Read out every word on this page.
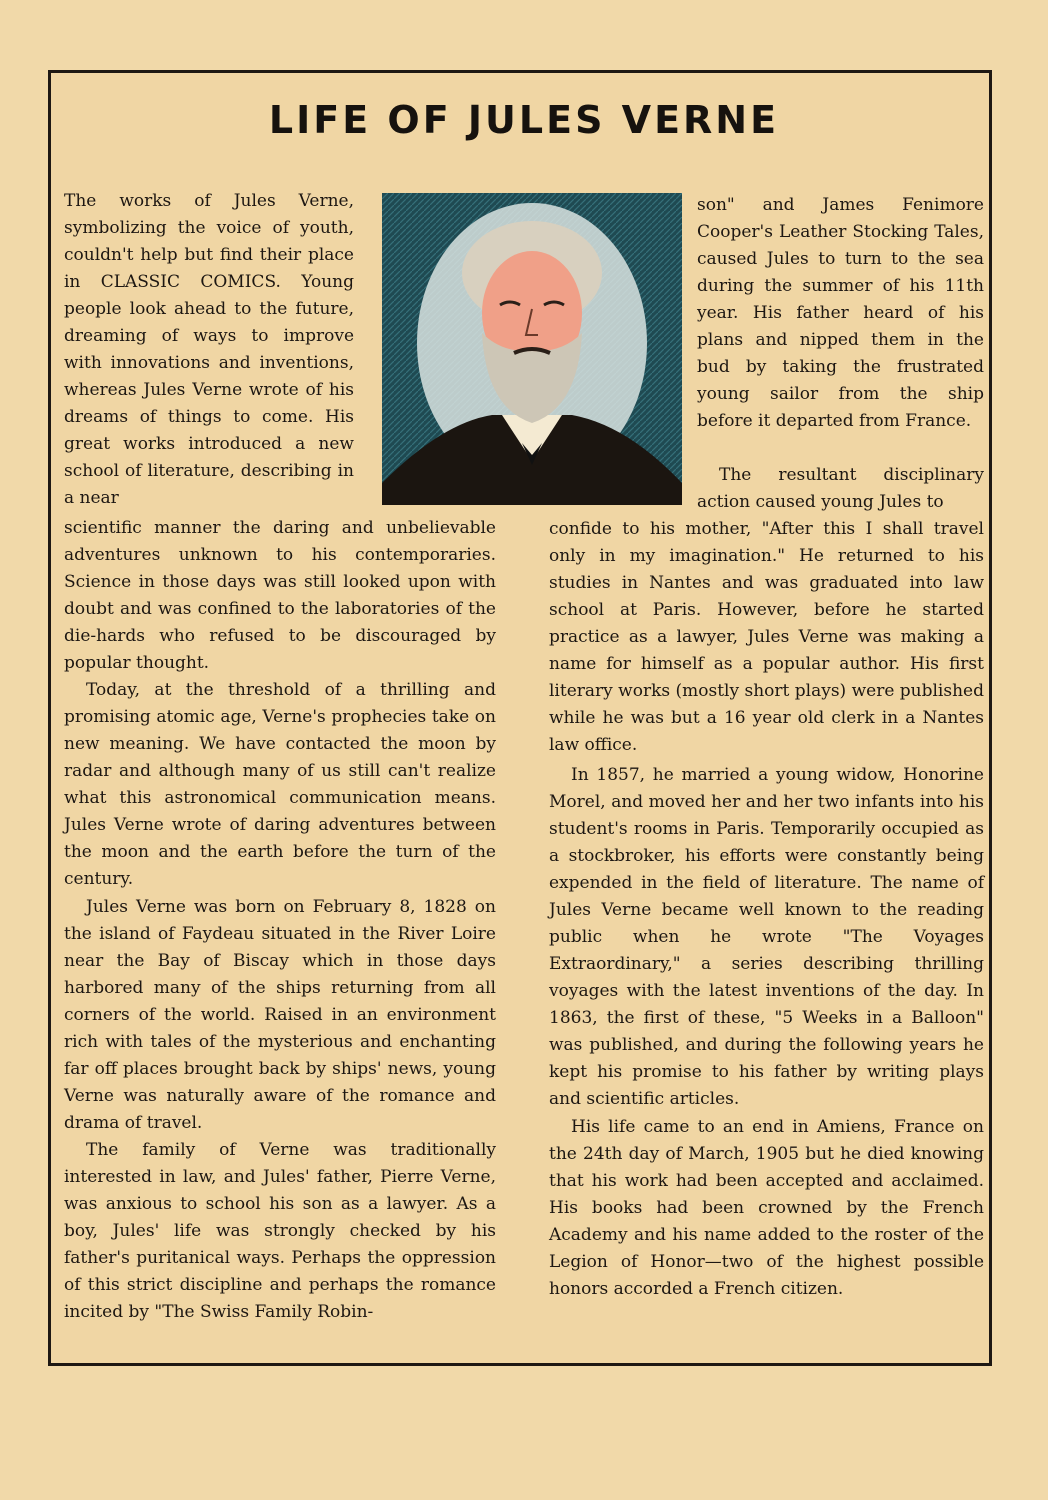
LIFE OF JULES VERNE

The works of Jules Verne, symbolizing the voice of youth, couldn't help but find their place in CLASSIC COMICS. Young people look ahead to the future, dreaming of ways to improve with innovations and inventions, whereas Jules Verne wrote of his dreams of things to come. His great works introduced a new school of literature, describing in a near

scientific manner the daring and unbelievable adventures unknown to his contemporaries. Science in those days was still looked upon with doubt and was confined to the laboratories of the die-hards who refused to be discouraged by popular thought.

Today, at the threshold of a thrilling and promising atomic age, Verne's prophecies take on new meaning. We have contacted the moon by radar and although many of us still can't realize what this astronomical communication means. Jules Verne wrote of daring adventures between the moon and the earth before the turn of the century.

Jules Verne was born on February 8, 1828 on the island of Faydeau situated in the River Loire near the Bay of Biscay which in those days harbored many of the ships returning from all corners of the world. Raised in an environment rich with tales of the mysterious and enchanting far off places brought back by ships' news, young Verne was naturally aware of the romance and drama of travel.

The family of Verne was traditionally interested in law, and Jules' father, Pierre Verne, was anxious to school his son as a lawyer. As a boy, Jules' life was strongly checked by his father's puritanical ways. Perhaps the oppression of this strict discipline and perhaps the romance incited by "The Swiss Family Robin-

son" and James Fenimore Cooper's Leather Stocking Tales, caused Jules to turn to the sea during the summer of his 11th year. His father heard of his plans and nipped them in the bud by taking the frustrated young sailor from the ship before it departed from France.

The resultant disciplinary action caused young Jules to

confide to his mother, "After this I shall travel only in my imagination." He returned to his studies in Nantes and was graduated into law school at Paris. However, before he started practice as a lawyer, Jules Verne was making a name for himself as a popular author. His first literary works (mostly short plays) were published while he was but a 16 year old clerk in a Nantes law office.

In 1857, he married a young widow, Honorine Morel, and moved her and her two infants into his student's rooms in Paris. Temporarily occupied as a stockbroker, his efforts were constantly being expended in the field of literature. The name of Jules Verne became well known to the reading public when he wrote "The Voyages Extraordinary," a series describing thrilling voyages with the latest inventions of the day. In 1863, the first of these, "5 Weeks in a Balloon" was published, and during the following years he kept his promise to his father by writing plays and scientific articles.

His life came to an end in Amiens, France on the 24th day of March, 1905 but he died knowing that his work had been accepted and acclaimed. His books had been crowned by the French Academy and his name added to the roster of the Legion of Honor—two of the highest possible honors accorded a French citizen.
